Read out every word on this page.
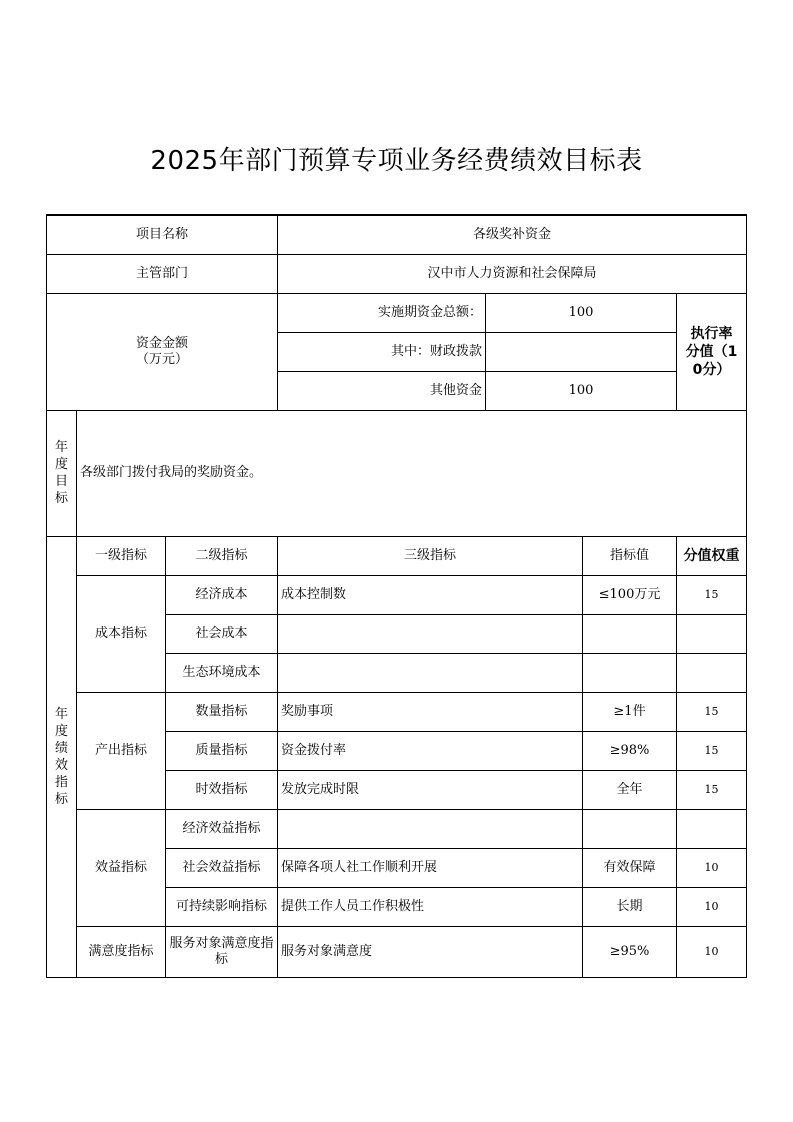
2025年部门预算专项业务经费绩效目标表
项目名称			各级奖补资金			
主管部门			汉中市人力资源和社会保障局			

资金金额
（万元）			实施期资金总额：	100		执行率分值（10分）

			其中：财政拨款			
			其他资金	100		

年度目标	各级部门拨付我局的奖励资金。					

年度绩效指标	一级指标	二级指标	三级指标		指标值	分值权重
	成本指标	经济成本	成本控制数		≤100万元	15
		社会成本				
		生态环境成本				
	产出指标	数量指标	奖励事项		≥1件	15
		质量指标	资金拨付率		≥98%	15
		时效指标	发放完成时限		全年	15
	效益指标	经济效益指标				
		社会效益指标	保障各项人社工作顺利开展		有效保障	10
		可持续影响指标	提供工作人员工作积极性		长期	10
	满意度指标	服务对象满意度指标	服务对象满意度		≥95%	10
